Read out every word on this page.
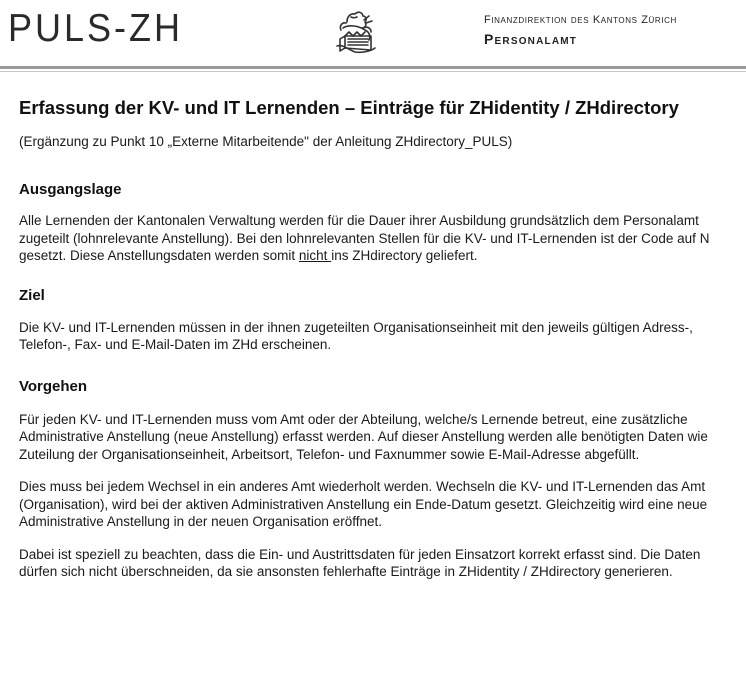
PULS-ZH	Finanzdirektion des Kantons Zürich
Personalamt
Erfassung der KV- und IT Lernenden – Einträge für ZHidentity / ZHdirectory
(Ergänzung zu Punkt 10 „Externe Mitarbeitende" der Anleitung ZHdirectory_PULS)
Ausgangslage

Alle Lernenden der Kantonalen Verwaltung werden für die Dauer ihrer Ausbildung grundsätzlich dem Personalamt zugeteilt (lohnrelevante Anstellung). Bei den lohnrelevanten Stellen für die KV- und IT-Lernenden ist der Code auf N gesetzt. Diese Anstellungsdaten werden somit nicht ins ZHdirectory geliefert.

Ziel

Die KV- und IT-Lernenden müssen in der ihnen zugeteilten Organisationseinheit mit den jeweils gültigen Adress-, Telefon-, Fax- und E-Mail-Daten im ZHd erscheinen.

Vorgehen

Für jeden KV- und IT-Lernenden muss vom Amt oder der Abteilung, welche/s Lernende betreut, eine zusätzliche Administrative Anstellung (neue Anstellung) erfasst werden. Auf dieser Anstellung werden alle benötigten Daten wie Zuteilung der Organisationseinheit, Arbeitsort, Telefon- und Faxnummer sowie E-Mail-Adresse abgefüllt.

Dies muss bei jedem Wechsel in ein anderes Amt wiederholt werden. Wechseln die KV- und IT-Lernenden das Amt (Organisation), wird bei der aktiven Administrativen Anstellung ein Ende-Datum gesetzt. Gleichzeitig wird eine neue Administrative Anstellung in der neuen Organisation eröffnet.

Dabei ist speziell zu beachten, dass die Ein- und Austrittsdaten für jeden Einsatzort korrekt erfasst sind. Die Daten dürfen sich nicht überschneiden, da sie ansonsten fehlerhafte Einträge in ZHidentity / ZHdirectory generieren.
